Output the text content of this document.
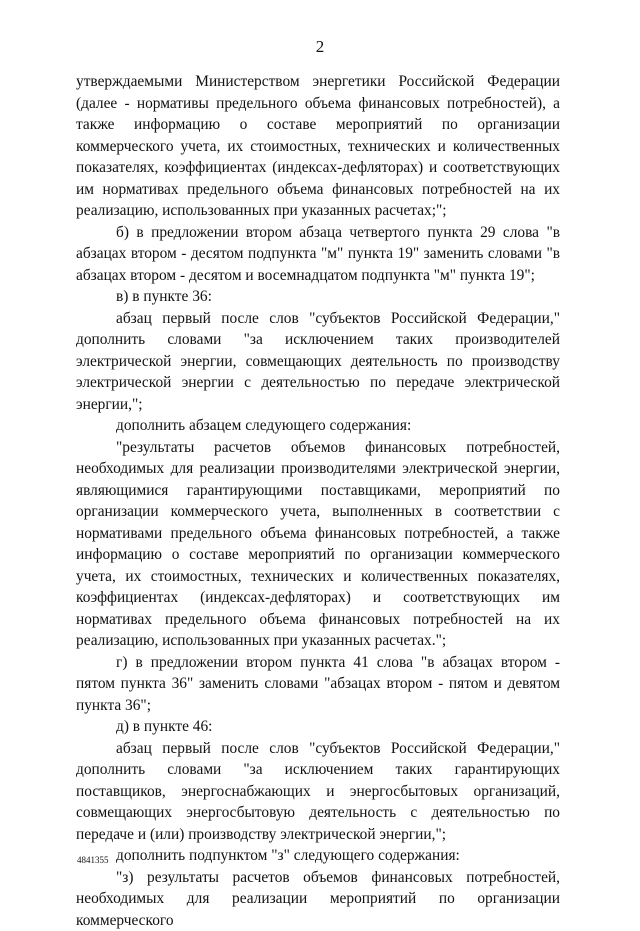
2

утверждаемыми Министерством энергетики Российской Федерации (далее - нормативы предельного объема финансовых потребностей), а также информацию о составе мероприятий по организации коммерческого учета, их стоимостных, технических и количественных показателях, коэффициентах (индексах-дефляторах) и соответствующих им нормативах предельного объема финансовых потребностей на их реализацию, использованных при указанных расчетах;";

б) в предложении втором абзаца четвертого пункта 29 слова "в абзацах втором - десятом подпункта "м" пункта 19" заменить словами "в абзацах втором - десятом и восемнадцатом подпункта "м" пункта 19";

в) в пункте 36:

абзац первый после слов "субъектов Российской Федерации," дополнить словами "за исключением таких производителей электрической энергии, совмещающих деятельность по производству электрической энергии с деятельностью по передаче электрической энергии,";

дополнить абзацем следующего содержания:

"результаты расчетов объемов финансовых потребностей, необходимых для реализации производителями электрической энергии, являющимися гарантирующими поставщиками, мероприятий по организации коммерческого учета, выполненных в соответствии с нормативами предельного объема финансовых потребностей, а также информацию о составе мероприятий по организации коммерческого учета, их стоимостных, технических и количественных показателях, коэффициентах (индексах-дефляторах) и соответствующих им нормативах предельного объема финансовых потребностей на их реализацию, использованных при указанных расчетах.";

г) в предложении втором пункта 41 слова "в абзацах втором - пятом пункта 36" заменить словами "абзацах втором - пятом и девятом пункта 36";

д) в пункте 46:

абзац первый после слов "субъектов Российской Федерации," дополнить словами "за исключением таких гарантирующих поставщиков, энергоснабжающих и энергосбытовых организаций, совмещающих энергосбытовую деятельность с деятельностью по передаче и (или) производству электрической энергии,";

дополнить подпунктом "з" следующего содержания:

"з) результаты расчетов объемов финансовых потребностей, необходимых для реализации мероприятий по организации коммерческого

4841355
